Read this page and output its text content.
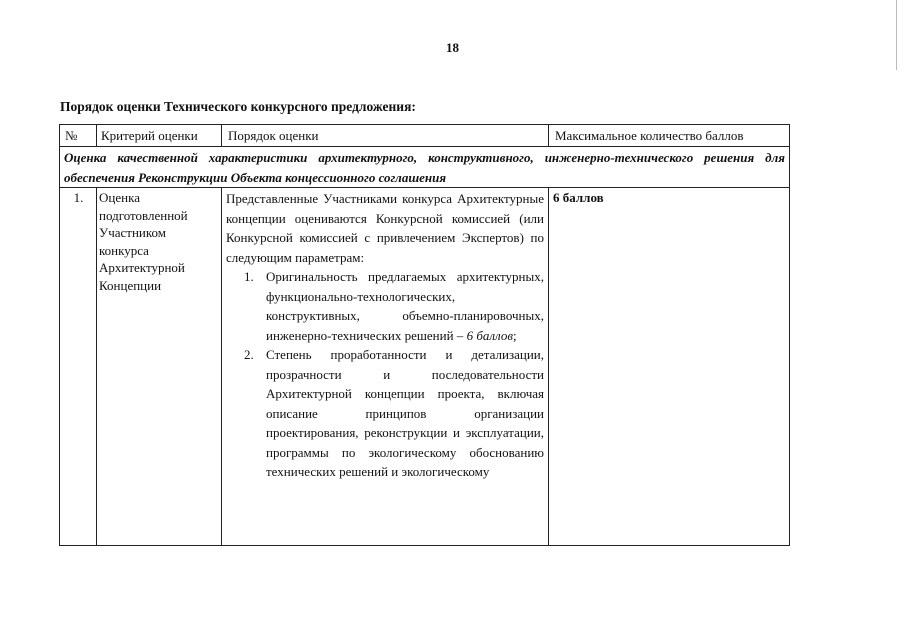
18
Порядок оценки Технического конкурсного предложения:
№ Критерий оценки Порядок оценки	Максимальное количество баллов
Оценка качественной характеристики архитектурного, конструктивного, инженерно-технического решения для обеспечения Реконструкции Объекта концессионного соглашения
1.	Оценка
подготовленной
Участником
конкурса
Архитектурной
Концепции
Представленные Участниками конкурса Архитектурные концепции оцениваются Конкурсной комиссией (или Конкурсной комиссией с привлечением Экспертов) по следующим параметрам:
1. Оригинальность предлагаемых архитектурных, функционально-технологических, конструктивных, объемно-планировочных, инженерно-технических решений – 6 баллов;
2. Степень проработанности и детализации, прозрачности и последовательности Архитектурной концепции проекта, включая описание принципов организации проектирования, реконструкции и эксплуатации, программы по экологическому обоснованию технических решений и экологическому
6 баллов
